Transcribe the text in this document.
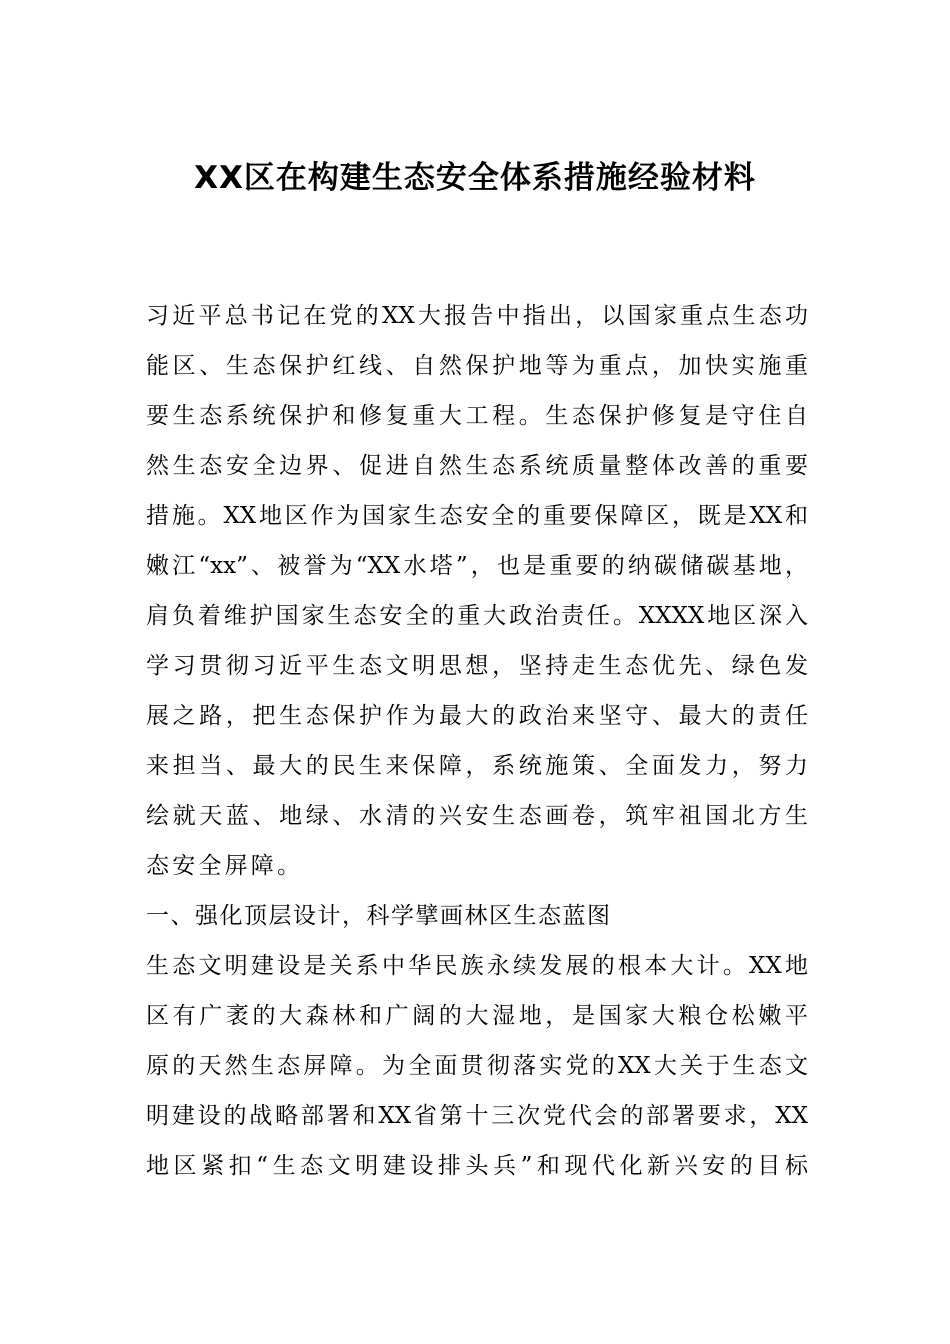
XX区在构建生态安全体系措施经验材料
习近平总书记在党的XX大报告中指出，以国家重点生态功
能区、生态保护红线、自然保护地等为重点，加快实施重
要生态系统保护和修复重大工程。生态保护修复是守住自
然生态安全边界、促进自然生态系统质量整体改善的重要
措施。XX地区作为国家生态安全的重要保障区，既是XX和
嫩江“xx”、被誉为“XX水塔”，也是重要的纳碳储碳基地，
肩负着维护国家生态安全的重大政治责任。XXXX地区深入
学习贯彻习近平生态文明思想，坚持走生态优先、绿色发
展之路，把生态保护作为最大的政治来坚守、最大的责任
来担当、最大的民生来保障，系统施策、全面发力，努力
绘就天蓝、地绿、水清的兴安生态画卷，筑牢祖国北方生
态安全屏障。
一、强化顶层设计，科学擘画林区生态蓝图
生态文明建设是关系中华民族永续发展的根本大计。XX地
区有广袤的大森林和广阔的大湿地，是国家大粮仓松嫩平
原的天然生态屏障。为全面贯彻落实党的XX大关于生态文
明建设的战略部署和XX省第十三次党代会的部署要求，XX
地区紧扣“生态文明建设排头兵”和现代化新兴安的目标
